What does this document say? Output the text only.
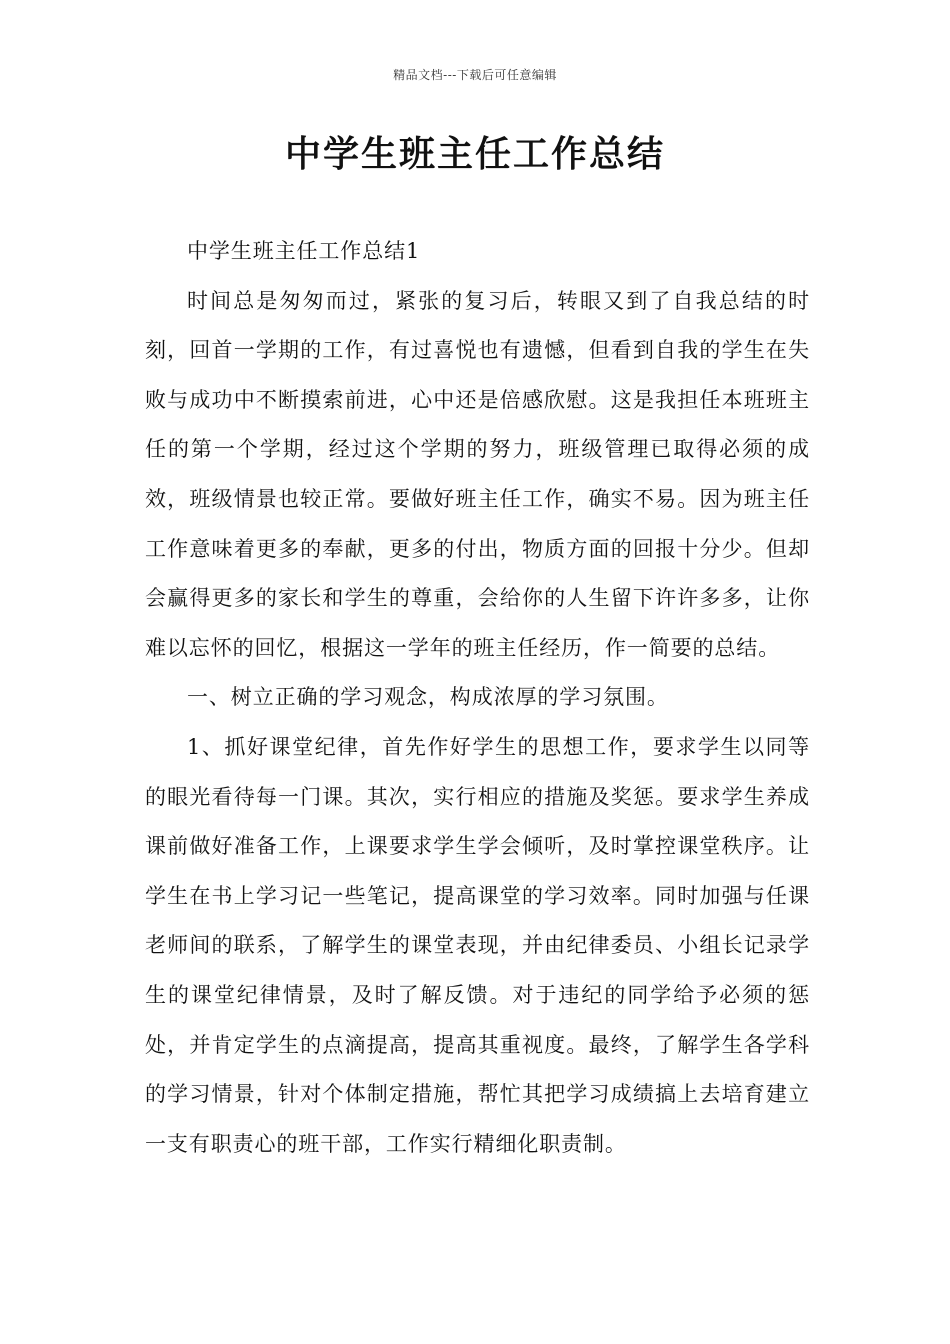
精品文档---下载后可任意编辑
中学生班主任工作总结

中学生班主任工作总结1

时间总是匆匆而过，紧张的复习后，转眼又到了自我总结的时刻，回首一学期的工作，有过喜悦也有遗憾，但看到自我的学生在失败与成功中不断摸索前进，心中还是倍感欣慰。这是我担任本班班主任的第一个学期，经过这个学期的努力，班级管理已取得必须的成效，班级情景也较正常。要做好班主任工作，确实不易。因为班主任工作意味着更多的奉献，更多的付出，物质方面的回报十分少。但却会赢得更多的家长和学生的尊重，会给你的人生留下许许多多，让你难以忘怀的回忆，根据这一学年的班主任经历，作一简要的总结。

一、树立正确的学习观念，构成浓厚的学习氛围。

1、抓好课堂纪律，首先作好学生的思想工作，要求学生以同等的眼光看待每一门课。其次，实行相应的措施及奖惩。要求学生养成课前做好准备工作，上课要求学生学会倾听，及时掌控课堂秩序。让学生在书上学习记一些笔记，提高课堂的学习效率。同时加强与任课老师间的联系，了解学生的课堂表现，并由纪律委员、小组长记录学生的课堂纪律情景，及时了解反馈。对于违纪的同学给予必须的惩处，并肯定学生的点滴提高，提高其重视度。最终，了解学生各学科的学习情景，针对个体制定措施，帮忙其把学习成绩搞上去培育建立一支有职责心的班干部，工作实行精细化职责制。
